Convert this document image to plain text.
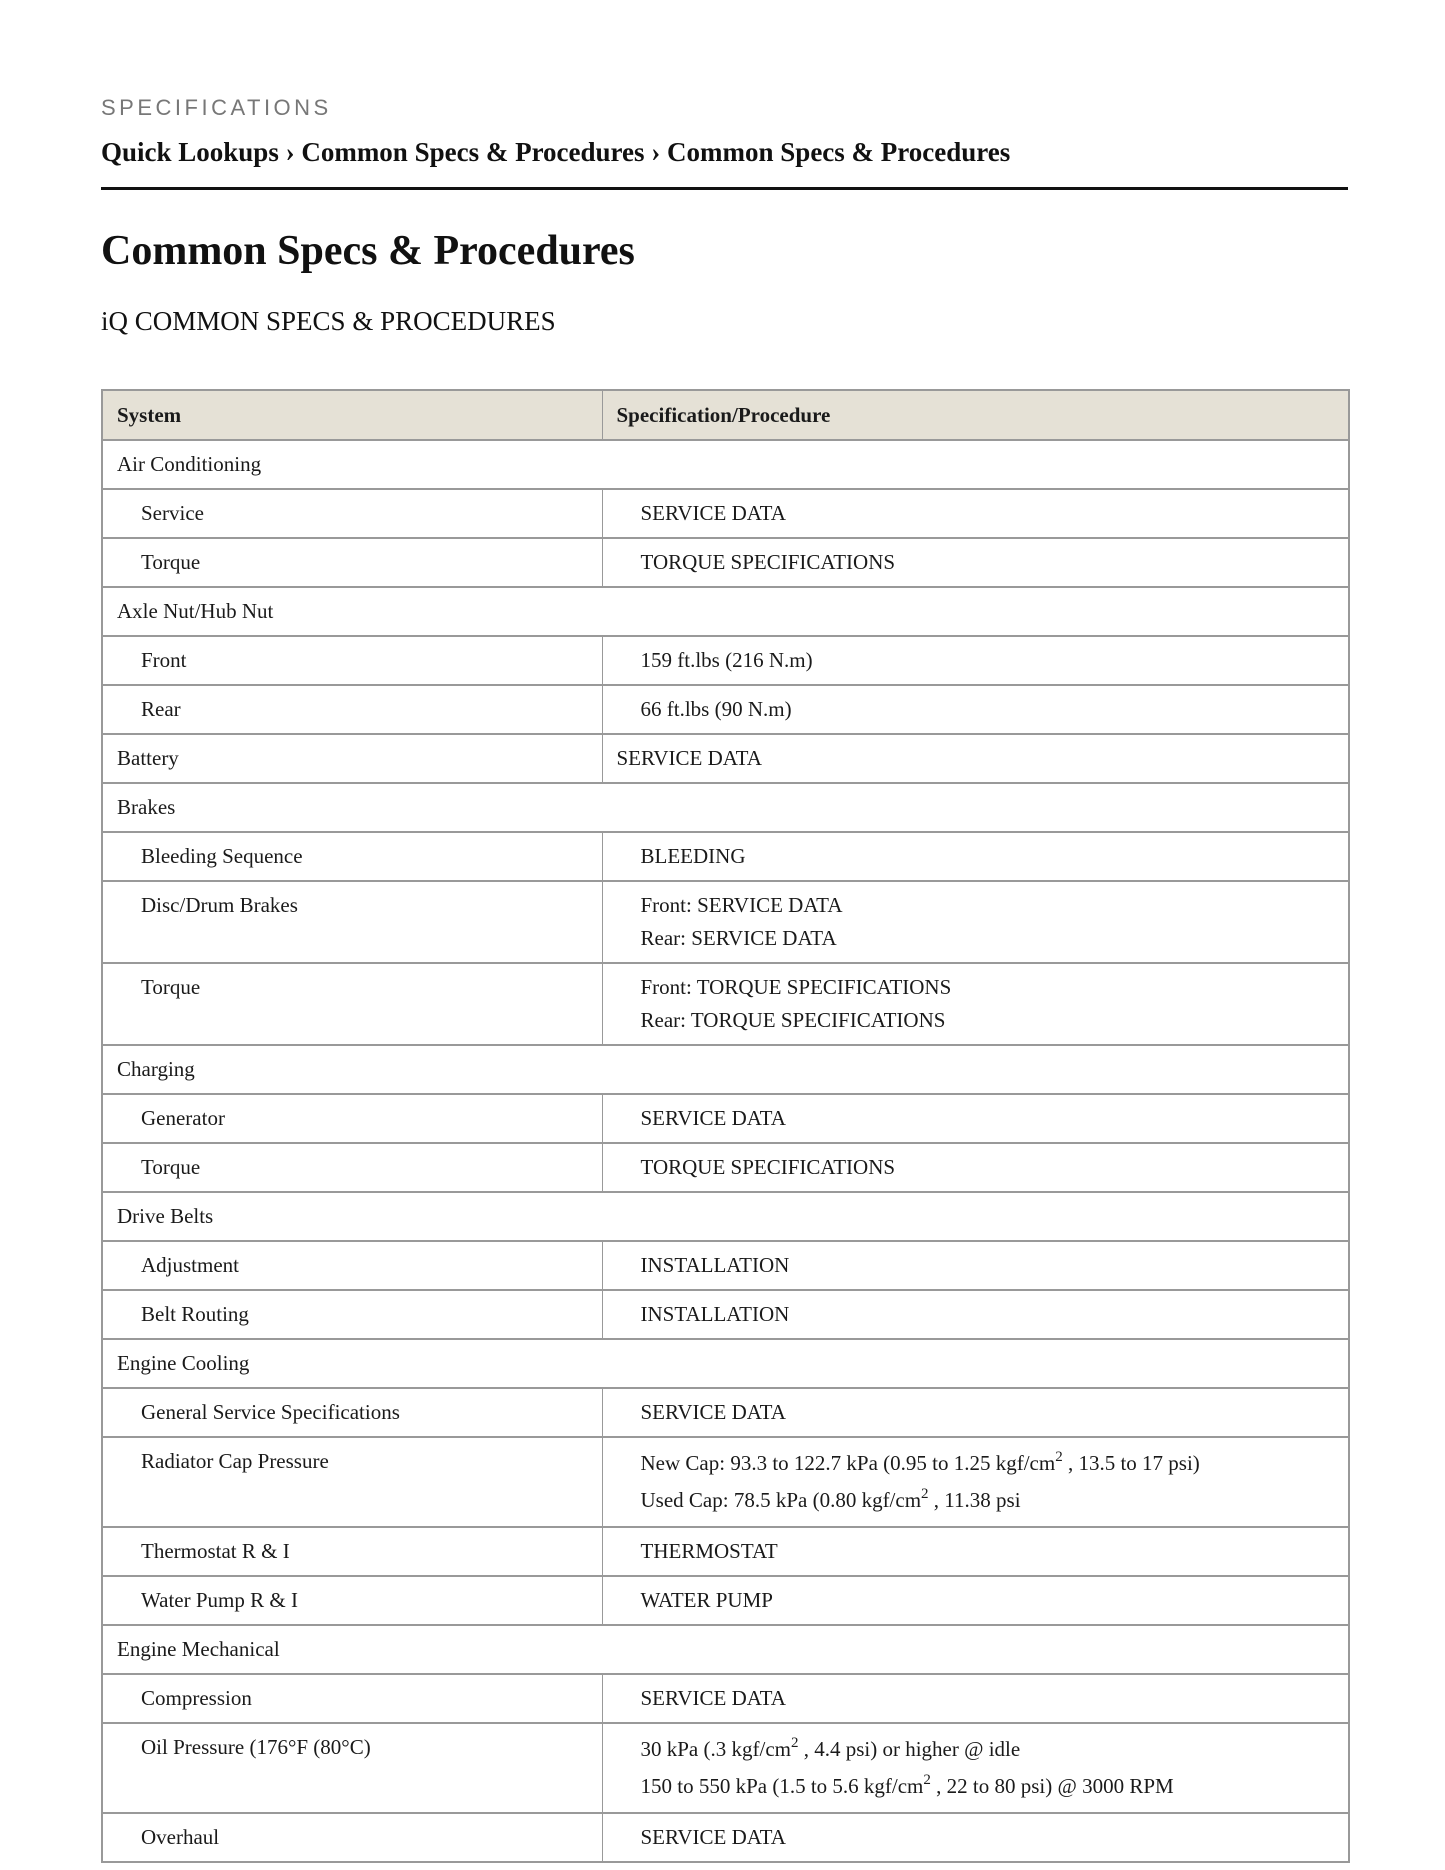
SPECIFICATIONS
Quick Lookups › Common Specs & Procedures › Common Specs & Procedures
Common Specs & Procedures
iQ COMMON SPECS & PROCEDURES
System	Specification/Procedure
Air Conditioning	
Service	SERVICE DATA

Torque	TORQUE SPECIFICATIONS

Axle Nut/Hub Nut	
Front	159 ft.lbs (216 N.m)

Rear	66 ft.lbs (90 N.m)

Battery	SERVICE DATA

Brakes	
Bleeding Sequence	BLEEDING

Disc/Drum Brakes	Front: SERVICE DATA
Rear: SERVICE DATA

Torque	Front: TORQUE SPECIFICATIONS
Rear: TORQUE SPECIFICATIONS

Charging	
Generator	SERVICE DATA

Torque	TORQUE SPECIFICATIONS

Drive Belts	
Adjustment	INSTALLATION

Belt Routing	INSTALLATION

Engine Cooling	
General Service Specifications	SERVICE DATA

Radiator Cap Pressure	New Cap: 93.3 to 122.7 kPa (0.95 to 1.25 kgf/$cm^2$ , 13.5 to 17 psi)
Used Cap: 78.5 kPa (0.80 kgf/$cm^2$ , 11.38 psi

Thermostat R & I	THERMOSTAT

Water Pump R & I	WATER PUMP

Engine Mechanical	
Compression	SERVICE DATA

Oil Pressure (176°F (80°C)	30 kPa (.3 kgf/$cm^2$ , 4.4 psi) or higher @ idle
150 to 550 kPa (1.5 to 5.6 kgf/$cm^2$ , 22 to 80 psi) @ 3000 RPM

Overhaul	SERVICE DATA
